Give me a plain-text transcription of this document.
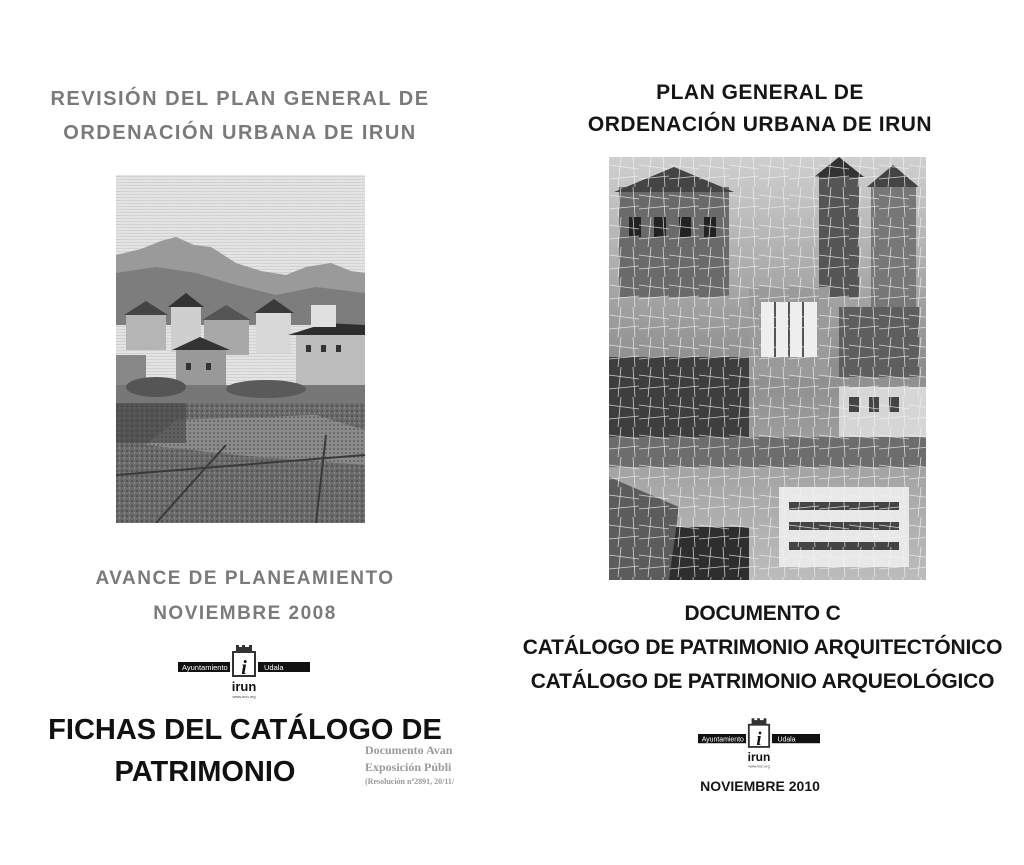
REVISIÓN DEL PLAN GENERAL DE
ORDENACIÓN URBANA DE IRUN
AVANCE DE PLANEAMIENTO
NOVIEMBRE 2008
i
Ayuntamiento	Udala
irun
www.irun.org
FICHAS DEL CATÁLOGO DE
PATRIMONIO
Documento Avan
Exposición Públi
(Resolución nº2891, 20/11/
PLAN GENERAL DE
ORDENACIÓN URBANA DE IRUN
DOCUMENTO C
CATÁLOGO DE PATRIMONIO ARQUITECTÓNICO
CATÁLOGO DE PATRIMONIO ARQUEOLÓGICO
i
Ayuntamiento	Udala
irun
www.irun.org
NOVIEMBRE 2010
